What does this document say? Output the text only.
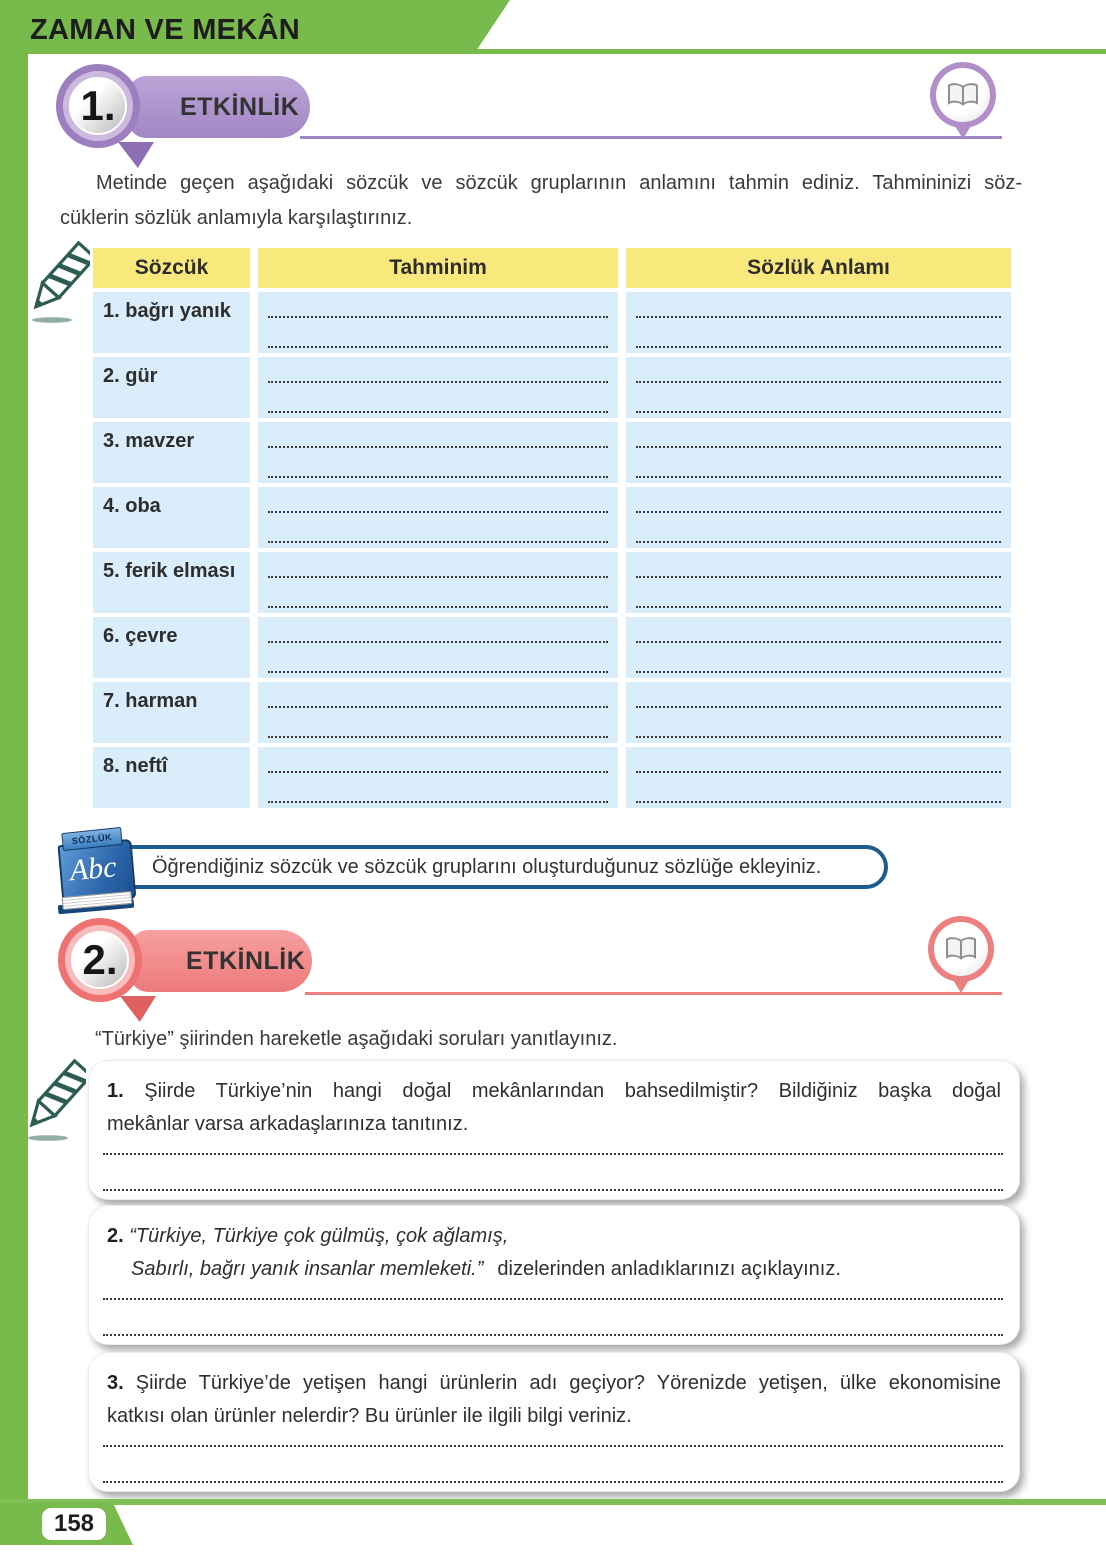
ZAMAN VE MEKÂN
ETKİNLİK
1.
Metinde geçen aşağıdaki sözcük ve sözcük gruplarının anlamını tahmin ediniz. Tahmininizi söz-
cüklerin sözlük anlamıyla karşılaştırınız.
Sözcük	Tahminim	Sözlük Anlamı
1. bağrı yanık
2. gür
3. mavzer
4. oba
5. ferik elması
6. çevre
7. harman
8. neftî
Öğrendiğiniz sözcük ve sözcük gruplarını oluşturduğunuz sözlüğe ekleyiniz.
Abc
SÖZLÜK
ETKİNLİK
2.
“Türkiye” şiirinden hareketle aşağıdaki soruları yanıtlayınız.
1. Şiirde Türkiye’nin hangi doğal mekânlarından bahsedilmiştir? Bildiğiniz başka doğal
mekânlar varsa arkadaşlarınıza tanıtınız.
2. “Türkiye, Türkiye çok gülmüş, çok ağlamış,
Sabırlı, bağrı yanık insanlar memleketi.” dizelerinden anladıklarınızı açıklayınız.
3. Şiirde Türkiye’de yetişen hangi ürünlerin adı geçiyor? Yörenizde yetişen, ülke ekonomisine
katkısı olan ürünler nelerdir? Bu ürünler ile ilgili bilgi veriniz.
158
